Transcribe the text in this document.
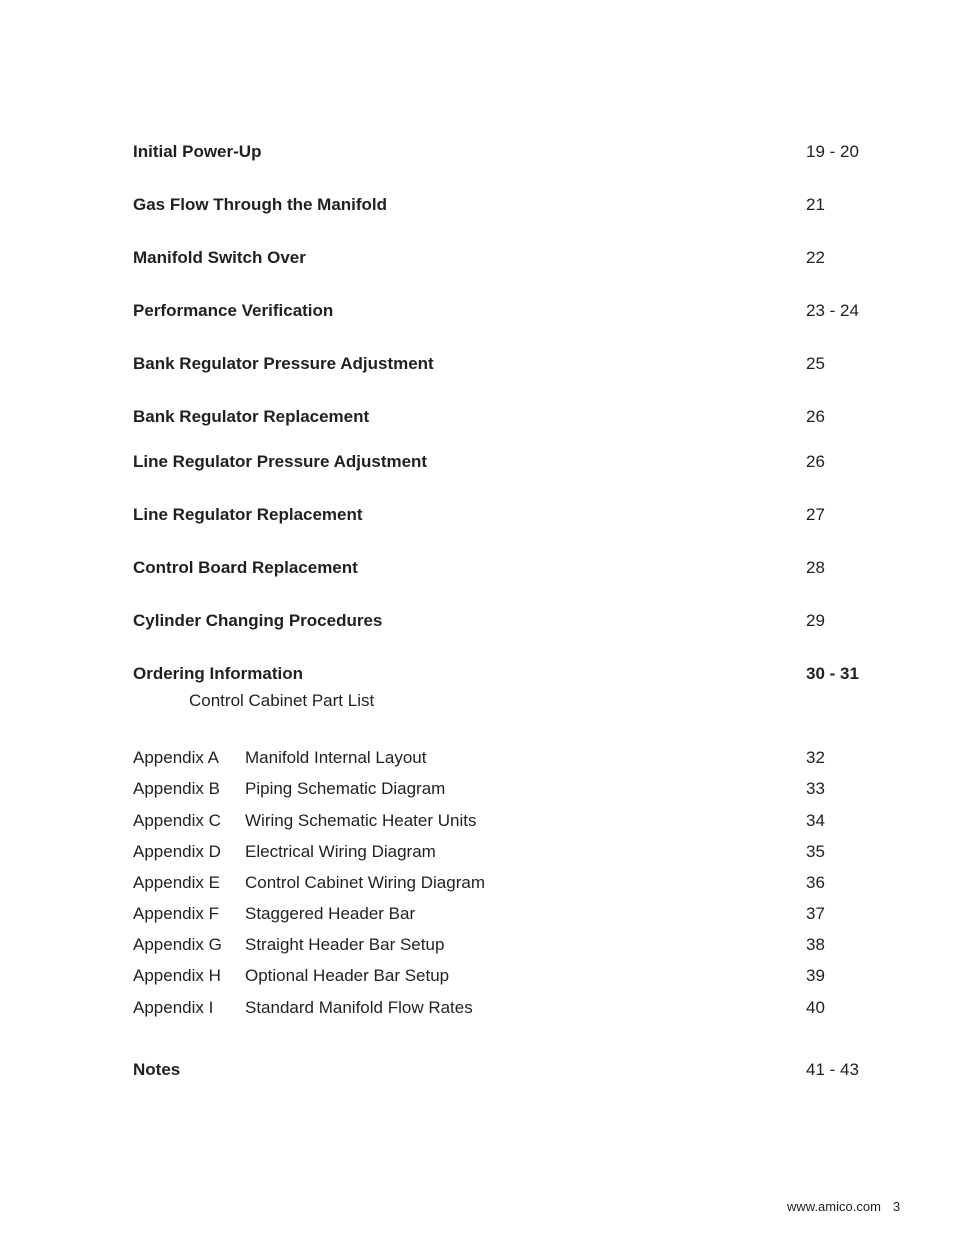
Initial Power-Up	19 - 20
Gas Flow Through the Manifold	21
Manifold Switch Over	22
Performance Verification	23 - 24
Bank Regulator Pressure Adjustment	25
Bank Regulator Replacement	26
Line Regulator Pressure Adjustment	26
Line Regulator Replacement	27
Control Board Replacement	28
Cylinder Changing Procedures	29
Ordering Information	30 - 31
Control Cabinet Part List
Appendix A Manifold Internal Layout	32
Appendix B Piping Schematic Diagram	33
Appendix C Wiring Schematic Heater Units	34
Appendix D Electrical Wiring Diagram	35
Appendix E Control Cabinet Wiring Diagram	36
Appendix F Staggered Header Bar	37
Appendix G Straight Header Bar Setup	38
Appendix H Optional Header Bar Setup	39
Appendix I Standard Manifold Flow Rates	40
Notes	41 - 43
www.amico.com 3
